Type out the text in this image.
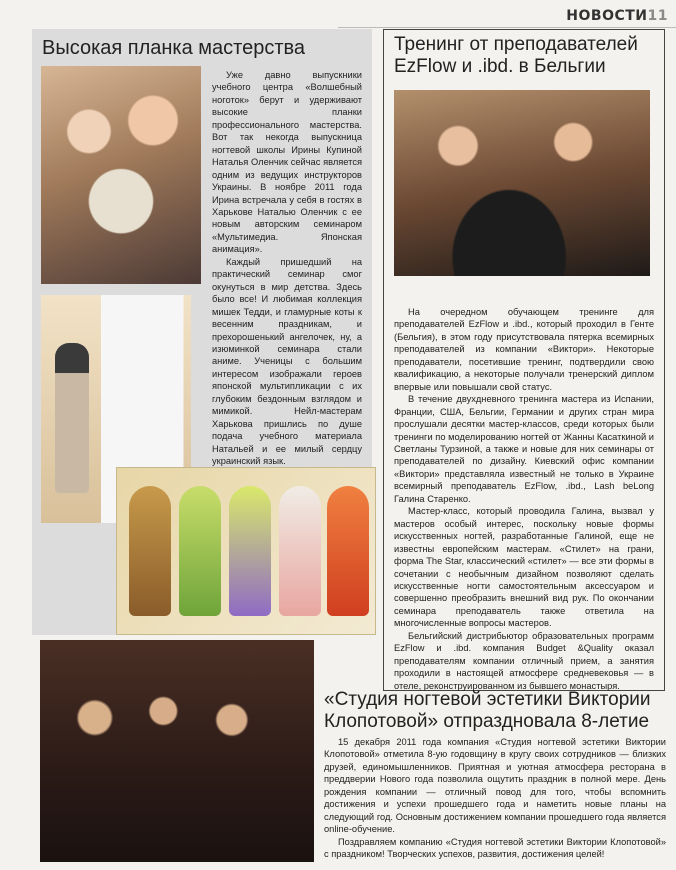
НОВОСТИ11
Высокая планка мастерства

Уже давно выпускники учебного центра «Волшебный ноготок» берут и удерживают высокие планки профессионального мастерства. Вот так некогда выпускница ногтевой школы Ирины Купиной Наталья Оленчик сейчас является одним из ведущих инструкторов Украины. В ноябре 2011 года Ирина встречала у себя в гостях в Харькове Наталью Оленчик с ее новым авторским семинаром «Мультимедиа. Японская анимация».

Каждый пришедший на практический семинар смог окунуться в мир детства. Здесь было все! И любимая коллекция мишек Тедди, и гламурные коты к весенним праздникам, и прехорошенький ангелочек, ну, а изюминкой семинара стали аниме. Ученицы с большим интересом изображали героев японской мультипликации с их глубоким бездонным взглядом и мимикой. Нейл-мастерам Харькова пришлись по душе подача учебного материала Натальей и ее милый сердцу украинский язык.

Тренинг от преподавателей EzFlow и .ibd. в Бельгии

На очередном обучающем тренинге для преподавателей EzFlow и .ibd., который проходил в Генте (Бельгия), в этом году присутствовала пятерка всемирных преподавателей из компании «Виктори». Некоторые преподаватели, посетившие тренинг, подтвердили свою квалификацию, а некоторые получали тренерский диплом впервые или повышали свой статус.

В течение двухдневного тренинга мастера из Испании, Франции, США, Бельгии, Германии и других стран мира прослушали десятки мастер-классов, среди которых были тренинги по моделированию ногтей от Жанны Касаткиной и Светланы Турзиной, а также и новые для них семинары от преподавателей по дизайну. Киевский офис компании «Виктори» представляла известный не только в Украине всемирный преподаватель EzFlow, .ibd., Lash beLong Галина Старенко.

Мастер-класс, который проводила Галина, вызвал у мастеров особый интерес, поскольку новые формы искусственных ногтей, разработанные Галиной, еще не известны европейским мастерам. «Стилет» на грани, форма The Star, классический «стилет» — все эти формы в сочетании с необычным дизайном позволяют сделать искусственные ногти самостоятельным аксессуаром и совершенно преобразить внешний вид рук. По окончании семинара преподаватель также ответила на многочисленные вопросы мастеров.

Бельгийский дистрибьютор образовательных программ EzFlow и .ibd. компания Budget &Quality оказал преподавателям компании отличный прием, а занятия проходили в настоящей атмосфере средневековья — в отеле, реконструированном из бывшего монастыря.

«Студия ногтевой эстетики Виктории Клопотовой» отпраздновала 8-летие

15 декабря 2011 года компания «Студия ногтевой эстетики Виктории Клопотовой» отметила 8-ую годовщину в кругу своих сотрудников — близких друзей, единомышленников. Приятная и уютная атмосфера ресторана в преддверии Нового года позволила ощутить праздник в полной мере. День рождения компании — отличный повод для того, чтобы вспомнить достижения и успехи прошедшего года и наметить новые планы на следующий год. Основным достижением компании прошедшего года является online-обучение.

Поздравляем компанию «Студия ногтевой эстетики Виктории Клопотовой» с праздником! Творческих успехов, развития, достижения целей!
